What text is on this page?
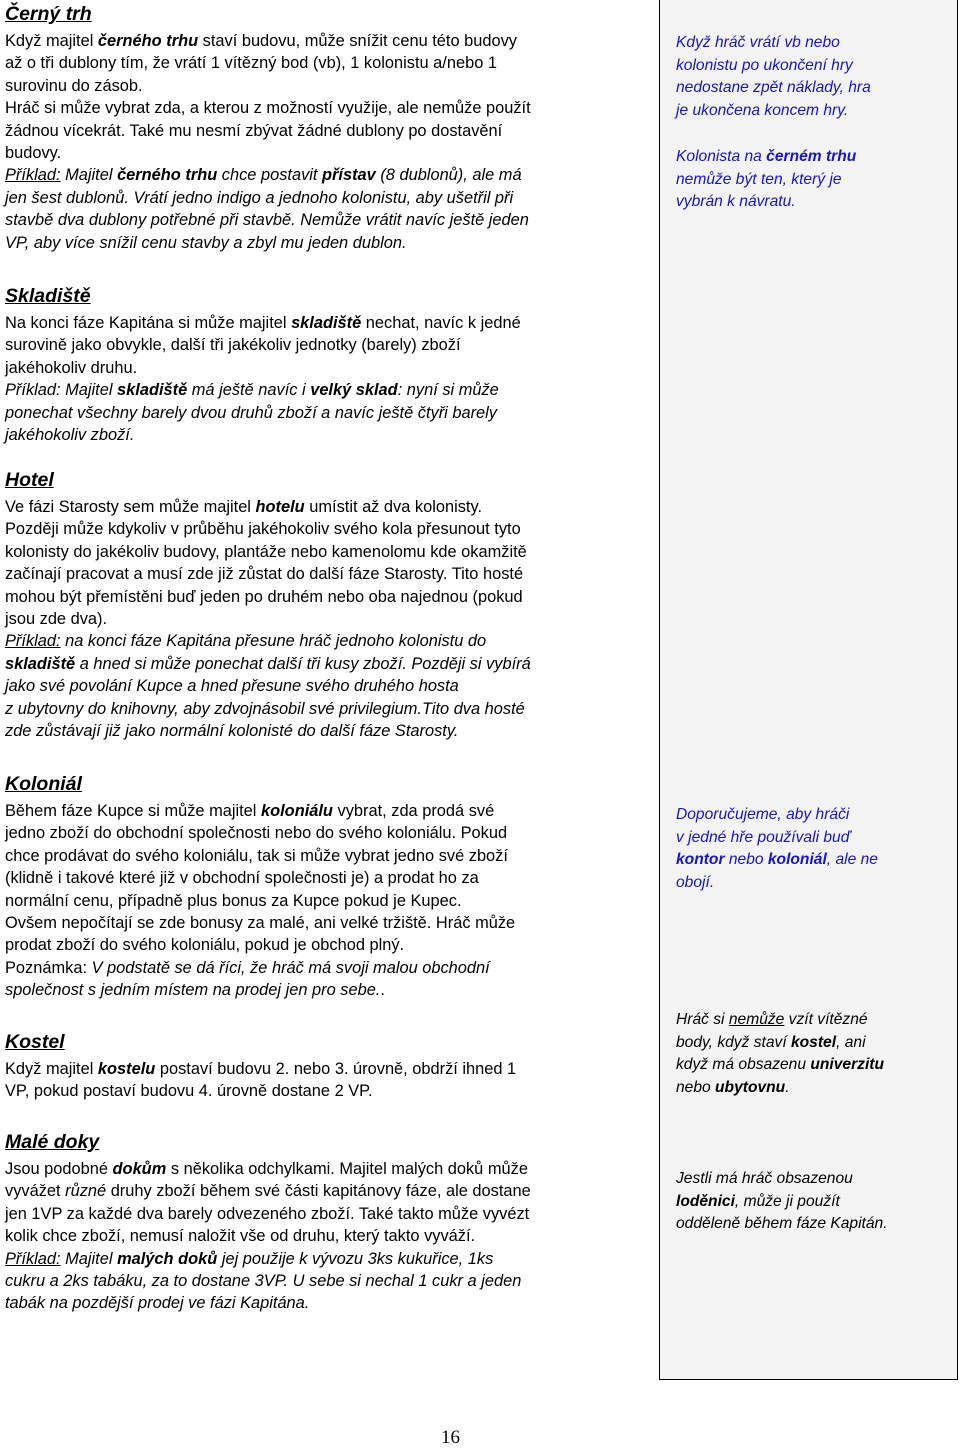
Černý trh
Když majitel černého trhu staví budovu, může snížit cenu této budovy
až o tři dublony tím, že vrátí 1 vítězný bod (vb), 1 kolonistu a/nebo 1
surovinu do zásob.
Hráč si může vybrat zda, a kterou z možností využije, ale nemůže použít
žádnou vícekrát. Také mu nesmí zbývat žádné dublony po dostavění
budovy.
Příklad: Majitel černého trhu chce postavit přístav (8 dublonů), ale má
jen šest dublonů. Vrátí jedno indigo a jednoho kolonistu, aby ušetřil při
stavbě dva dublony potřebné při stavbě. Nemůže vrátit navíc ještě jeden
VP, aby více snížil cenu stavby a zbyl mu jeden dublon.
Skladiště
Na konci fáze Kapitána si může majitel skladiště nechat, navíc k jedné
surovině jako obvykle, další tři jakékoliv jednotky (barely) zboží
jakéhokoliv druhu.
Příklad: Majitel skladiště má ještě navíc i velký sklad: nyní si může
ponechat všechny barely dvou druhů zboží a navíc ještě čtyři barely
jakéhokoliv zboží.
Hotel
Ve fázi Starosty sem může majitel hotelu umístit až dva kolonisty.
Později může kdykoliv v průběhu jakéhokoliv svého kola přesunout tyto
kolonisty do jakékoliv budovy, plantáže nebo kamenolomu kde okamžitě
začínají pracovat a musí zde již zůstat do další fáze Starosty. Tito hosté
mohou být přemístěni buď jeden po druhém nebo oba najednou (pokud
jsou zde dva).
Příklad: na konci fáze Kapitána přesune hráč jednoho kolonistu do
skladiště a hned si může ponechat další tři kusy zboží. Později si vybírá
jako své povolání Kupce a hned přesune svého druhého hosta
z ubytovny do knihovny, aby zdvojnásobil své privilegium.Tito dva hosté
zde zůstávají již jako normální kolonisté do další fáze Starosty.
Koloniál
Během fáze Kupce si může majitel koloniálu vybrat, zda prodá své
jedno zboží do obchodní společnosti nebo do svého koloniálu. Pokud
chce prodávat do svého koloniálu, tak si může vybrat jedno své zboží
(klidně i takové které již v obchodní společnosti je) a prodat ho za
normální cenu, případně plus bonus za Kupce pokud je Kupec.
Ovšem nepočítají se zde bonusy za malé, ani velké tržiště. Hráč může
prodat zboží do svého koloniálu, pokud je obchod plný.
Poznámka: V podstatě se dá říci, že hráč má svoji malou obchodní
společnost s jedním místem na prodej jen pro sebe..
Kostel
Když majitel kostelu postaví budovu 2. nebo 3. úrovně, obdrží ihned 1
VP, pokud postaví budovu 4. úrovně dostane 2 VP.
Malé doky
Jsou podobné dokům s několika odchylkami. Majitel malých doků může
vyvážet různé druhy zboží během své části kapitánovy fáze, ale dostane
jen 1VP za každé dva barely odvezeného zboží. Také takto může vyvézt
kolik chce zboží, nemusí naložit vše od druhu, který takto vyváží.
Příklad: Majitel malých doků jej použije k vývozu 3ks kukuřice, 1ks
cukru a 2ks tabáku, za to dostane 3VP. U sebe si nechal 1 cukr a jeden
tabák na pozdější prodej ve fázi Kapitána.
Když hráč vrátí vb nebo
kolonistu po ukončení hry
nedostane zpět náklady, hra
je ukončena koncem hry.
Kolonista na černém trhu
nemůže být ten, který je
vybrán k návratu.
Doporučujeme, aby hráči
v jedné hře používali buď
kontor nebo koloniál, ale ne
obojí.
Hráč si nemůže vzít vítězné
body, když staví kostel, ani
když má obsazenu univerzitu
nebo ubytovnu.
Jestli má hráč obsazenou
loděnici, může ji použít
odděleně během fáze Kapitán.
16
